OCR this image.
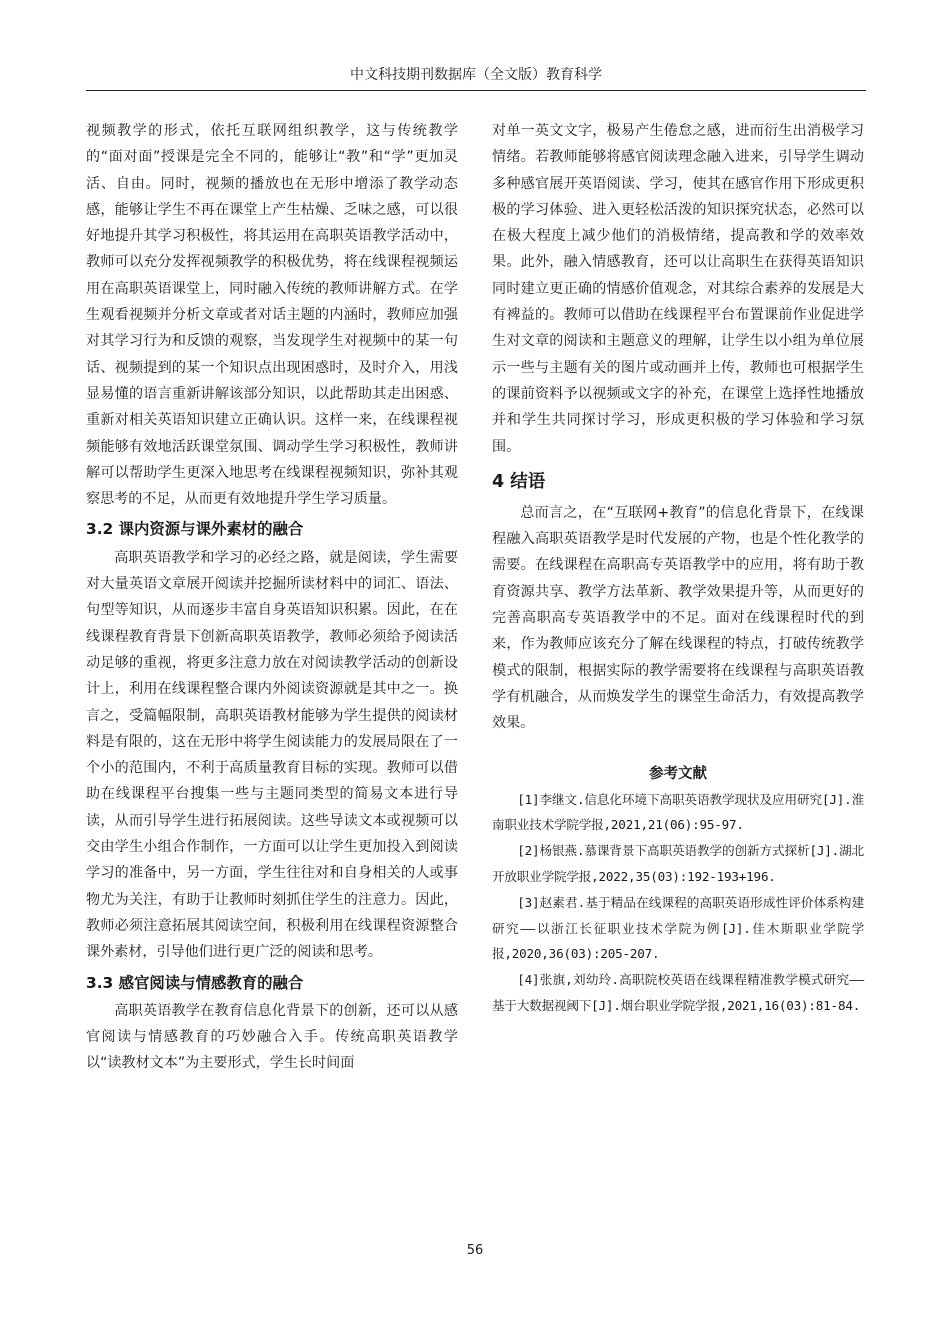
中文科技期刊数据库（全文版）教育科学

视频教学的形式，依托互联网组织教学，这与传统教学的“面对面”授课是完全不同的，能够让“教”和“学”更加灵活、自由。同时，视频的播放也在无形中增添了教学动态感，能够让学生不再在课堂上产生枯燥、乏味之感，可以很好地提升其学习积极性，将其运用在高职英语教学活动中，教师可以充分发挥视频教学的积极优势，将在线课程视频运用在高职英语课堂上，同时融入传统的教师讲解方式。在学生观看视频并分析文章或者对话主题的内涵时，教师应加强对其学习行为和反馈的观察，当发现学生对视频中的某一句话、视频提到的某一个知识点出现困惑时，及时介入，用浅显易懂的语言重新讲解该部分知识，以此帮助其走出困惑、重新对相关英语知识建立正确认识。这样一来，在线课程视频能够有效地活跃课堂氛围、调动学生学习积极性，教师讲解可以帮助学生更深入地思考在线课程视频知识，弥补其观察思考的不足，从而更有效地提升学生学习质量。

3.2 课内资源与课外素材的融合

高职英语教学和学习的必经之路，就是阅读，学生需要对大量英语文章展开阅读并挖掘所读材料中的词汇、语法、句型等知识，从而逐步丰富自身英语知识积累。因此，在在线课程教育背景下创新高职英语教学，教师必须给予阅读活动足够的重视，将更多注意力放在对阅读教学活动的创新设计上，利用在线课程整合课内外阅读资源就是其中之一。换言之，受篇幅限制，高职英语教材能够为学生提供的阅读材料是有限的，这在无形中将学生阅读能力的发展局限在了一个小的范围内，不利于高质量教育目标的实现。教师可以借助在线课程平台搜集一些与主题同类型的简易文本进行导读，从而引导学生进行拓展阅读。这些导读文本或视频可以交由学生小组合作制作，一方面可以让学生更加投入到阅读学习的准备中，另一方面，学生往往对和自身相关的人或事物尤为关注，有助于让教师时刻抓住学生的注意力。因此，教师必须注意拓展其阅读空间，积极利用在线课程资源整合课外素材，引导他们进行更广泛的阅读和思考。

3.3 感官阅读与情感教育的融合

高职英语教学在教育信息化背景下的创新，还可以从感官阅读与情感教育的巧妙融合入手。传统高职英语教学以“读教材文本”为主要形式，学生长时间面

对单一英文文字，极易产生倦怠之感，进而衍生出消极学习情绪。若教师能够将感官阅读理念融入进来，引导学生调动多种感官展开英语阅读、学习，使其在感官作用下形成更积极的学习体验、进入更轻松活泼的知识探究状态，必然可以在极大程度上减少他们的消极情绪，提高教和学的效率效果。此外，融入情感教育，还可以让高职生在获得英语知识同时建立更正确的情感价值观念，对其综合素养的发展是大有裨益的。教师可以借助在线课程平台布置课前作业促进学生对文章的阅读和主题意义的理解，让学生以小组为单位展示一些与主题有关的图片或动画并上传，教师也可根据学生的课前资料予以视频或文字的补充，在课堂上选择性地播放并和学生共同探讨学习，形成更积极的学习体验和学习氛围。

4 结语

总而言之，在“互联网+教育”的信息化背景下，在线课程融入高职英语教学是时代发展的产物，也是个性化教学的需要。在线课程在高职高专英语教学中的应用，将有助于教育资源共享、教学方法革新、教学效果提升等，从而更好的完善高职高专英语教学中的不足。面对在线课程时代的到来，作为教师应该充分了解在线课程的特点，打破传统教学模式的限制，根据实际的教学需要将在线课程与高职英语教学有机融合，从而焕发学生的课堂生命活力，有效提高教学效果。

参考文献

[1]李继文.信息化环境下高职英语教学现状及应用研究[J].淮南职业技术学院学报,2021,21(06):95-97.

[2]杨银燕.慕课背景下高职英语教学的创新方式探析[J].湖北开放职业学院学报,2022,35(03):192-193+196.

[3]赵素君.基于精品在线课程的高职英语形成性评价体系构建研究——以浙江长征职业技术学院为例[J].佳木斯职业学院学报,2020,36(03):205-207.

[4]张旗,刘幼玲.高职院校英语在线课程精准教学模式研究——基于大数据视阈下[J].烟台职业学院学报,2021,16(03):81-84.

56
